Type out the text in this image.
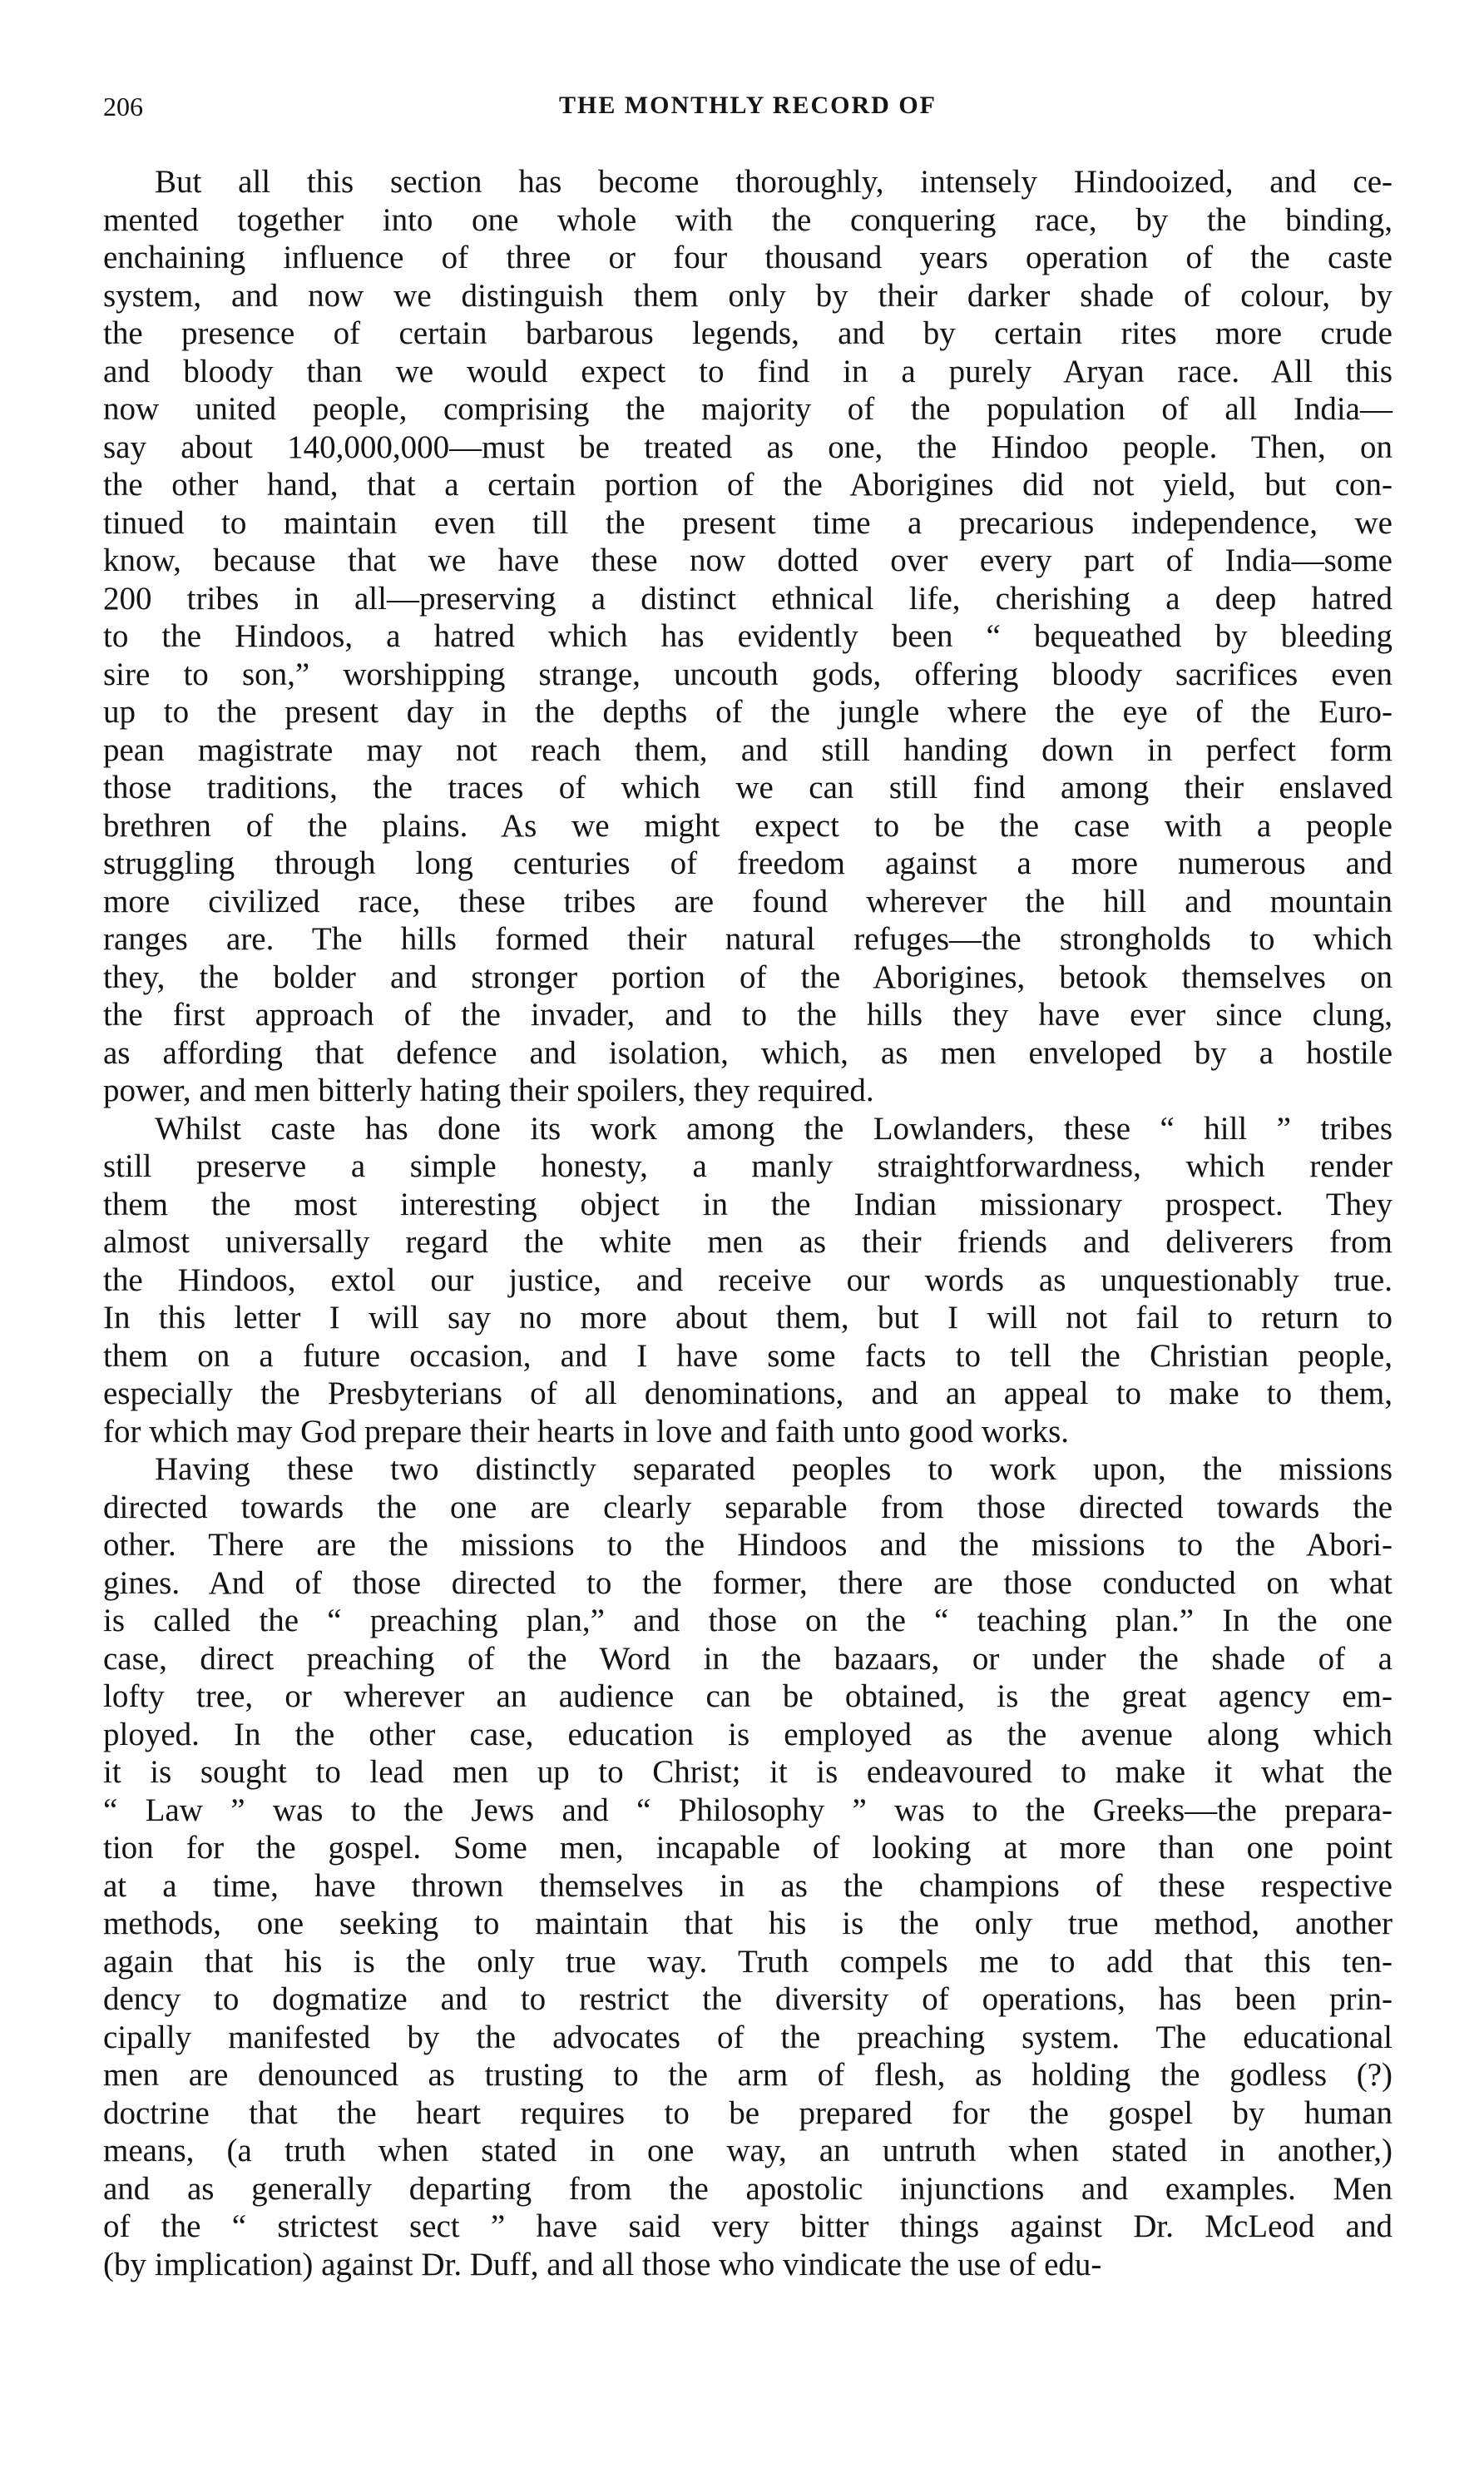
206	THE MONTHLY RECORD OF
But all this section has become thoroughly, intensely Hindooized, and ce-
mented together into one whole with the conquering race, by the binding,
enchaining influence of three or four thousand years operation of the caste
system, and now we distinguish them only by their darker shade of colour, by
the presence of certain barbarous legends, and by certain rites more crude
and bloody than we would expect to find in a purely Aryan race. All this
now united people, comprising the majority of the population of all India—
say about 140,000,000—must be treated as one, the Hindoo people. Then, on
the other hand, that a certain portion of the Aborigines did not yield, but con-
tinued to maintain even till the present time a precarious independence, we
know, because that we have these now dotted over every part of India—some
200 tribes in all—preserving a distinct ethnical life, cherishing a deep hatred
to the Hindoos, a hatred which has evidently been “ bequeathed by bleeding
sire to son,” worshipping strange, uncouth gods, offering bloody sacrifices even
up to the present day in the depths of the jungle where the eye of the Euro-
pean magistrate may not reach them, and still handing down in perfect form
those traditions, the traces of which we can still find among their enslaved
brethren of the plains. As we might expect to be the case with a people
struggling through long centuries of freedom against a more numerous and
more civilized race, these tribes are found wherever the hill and mountain
ranges are. The hills formed their natural refuges—the strongholds to which
they, the bolder and stronger portion of the Aborigines, betook themselves on
the first approach of the invader, and to the hills they have ever since clung,
as affording that defence and isolation, which, as men enveloped by a hostile
power, and men bitterly hating their spoilers, they required.
Whilst caste has done its work among the Lowlanders, these “ hill ” tribes
still preserve a simple honesty, a manly straightforwardness, which render
them the most interesting object in the Indian missionary prospect. They
almost universally regard the white men as their friends and deliverers from
the Hindoos, extol our justice, and receive our words as unquestionably true.
In this letter I will say no more about them, but I will not fail to return to
them on a future occasion, and I have some facts to tell the Christian people,
especially the Presbyterians of all denominations, and an appeal to make to them,
for which may God prepare their hearts in love and faith unto good works.
Having these two distinctly separated peoples to work upon, the missions
directed towards the one are clearly separable from those directed towards the
other. There are the missions to the Hindoos and the missions to the Abori-
gines. And of those directed to the former, there are those conducted on what
is called the “ preaching plan,” and those on the “ teaching plan.” In the one
case, direct preaching of the Word in the bazaars, or under the shade of a
lofty tree, or wherever an audience can be obtained, is the great agency em-
ployed. In the other case, education is employed as the avenue along which
it is sought to lead men up to Christ; it is endeavoured to make it what the
“ Law ” was to the Jews and “ Philosophy ” was to the Greeks—the prepara-
tion for the gospel. Some men, incapable of looking at more than one point
at a time, have thrown themselves in as the champions of these respective
methods, one seeking to maintain that his is the only true method, another
again that his is the only true way. Truth compels me to add that this ten-
dency to dogmatize and to restrict the diversity of operations, has been prin-
cipally manifested by the advocates of the preaching system. The educational
men are denounced as trusting to the arm of flesh, as holding the godless (?)
doctrine that the heart requires to be prepared for the gospel by human
means, (a truth when stated in one way, an untruth when stated in another,)
and as generally departing from the apostolic injunctions and examples. Men
of the “ strictest sect ” have said very bitter things against Dr. McLeod and
(by implication) against Dr. Duff, and all those who vindicate the use of edu-
